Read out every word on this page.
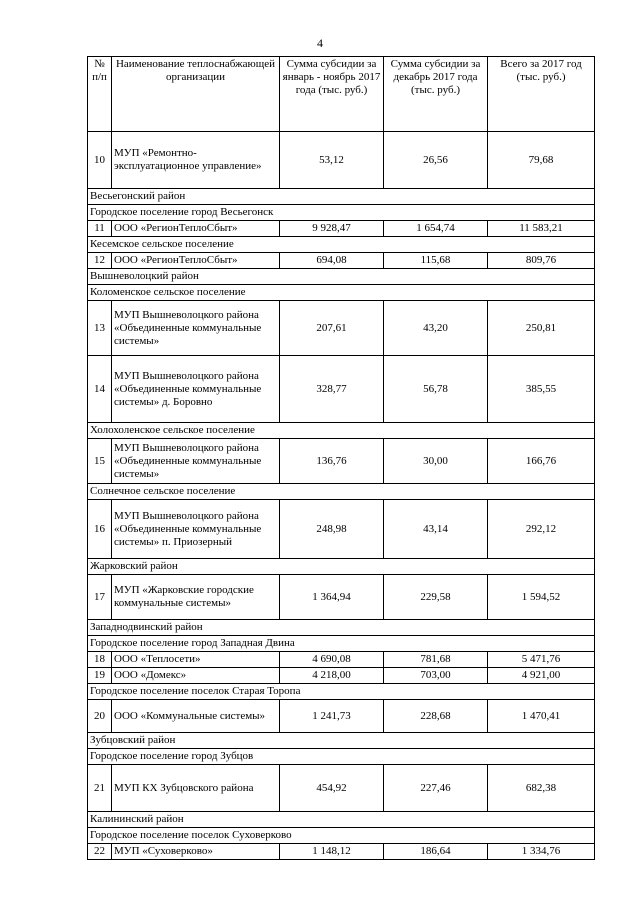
4
№ п/п	Наименование теплоснабжающей организации	Сумма субсидии за январь - ноябрь 2017 года (тыс. руб.)	Сумма субсидии за декабрь 2017 года (тыс. руб.)	Всего за 2017 год (тыс. руб.)
10	МУП «Ремонтно-эксплуатационное управление»	53,12	26,56	79,68
Весьегонский район				
Городское поселение город Весьегонск				
11	ООО «РегионТеплоСбыт»	9 928,47	1 654,74	11 583,21
Кесемское сельское поселение				
12	ООО «РегионТеплоСбыт»	694,08	115,68	809,76
Вышневолоцкий район				
Коломенское сельское поселение				
13	МУП Вышневолоцкого района «Объединенные коммунальные системы»	207,61	43,20	250,81
14	МУП Вышневолоцкого района «Объединенные коммунальные системы» д. Боровно	328,77	56,78	385,55
Холохоленское сельское поселение				
15	МУП Вышневолоцкого района «Объединенные коммунальные системы»	136,76	30,00	166,76
Солнечное сельское поселение				
16	МУП Вышневолоцкого района «Объединенные коммунальные системы» п. Приозерный	248,98	43,14	292,12
Жарковский район				
17	МУП «Жарковские городские коммунальные системы»	1 364,94	229,58	1 594,52
Западнодвинский район				
Городское поселение город Западная Двина				
18	ООО «Теплосети»	4 690,08	781,68	5 471,76
19	ООО «Домекс»	4 218,00	703,00	4 921,00
Городское поселение поселок Старая Торопа				
20	ООО «Коммунальные системы»	1 241,73	228,68	1 470,41
Зубцовский район				
Городское поселение город Зубцов				
21	МУП КХ Зубцовского района	454,92	227,46	682,38
Калининский район				
Городское поселение поселок Суховерково				
22	МУП «Суховерково»	1 148,12	186,64	1 334,76
